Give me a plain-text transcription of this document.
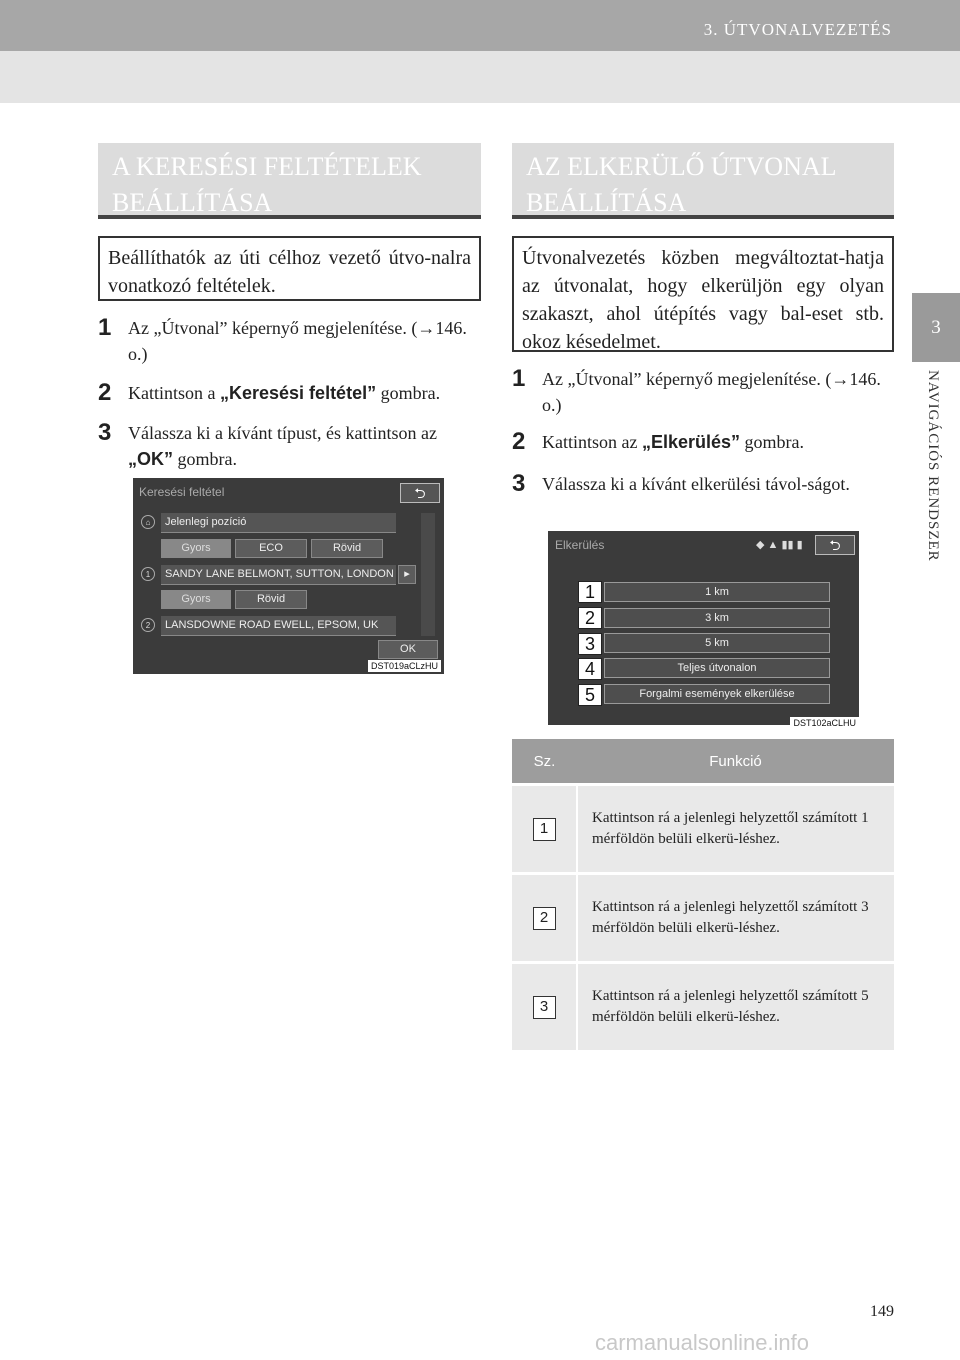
3. ÚTVONALVEZETÉS
3
NAVIGÁCIÓS RENDSZER
A KERESÉSI FELTÉTELEK
BEÁLLÍTÁSA
Beállíthatók az úti célhoz vezető útvo-nalra vonatkozó feltételek.
1 Az „Útvonal” képernyő megjelenítése. (→146. o.)
2 Kattintson a „Keresési feltétel” gombra.
3 Válassza ki a kívánt típust, és kattintson az „OK” gombra.
Keresési feltétel	⮌
⌂	Jelenlegi pozíció
Gyors	ECO	Rövid
1	SANDY LANE BELMONT, SUTTON, LONDON ▸
Gyors	Rövid
2	LANSDOWNE ROAD EWELL, EPSOM, UK
OK
DST019aCLzHU
AZ ELKERÜLŐ ÚTVONAL
BEÁLLÍTÁSA
Útvonalvezetés közben megváltoztat-hatja az útvonalat, hogy elkerüljön egy olyan szakaszt, ahol útépítés vagy bal-eset stb. okoz késedelmet.
1 Az „Útvonal” képernyő megjelenítése. (→146. o.)
2 Kattintson az „Elkerülés” gombra.
3 Válassza ki a kívánt elkerülési távol-ságot.
Elkerülés	◆ ▲ ▮▮ ▮	⮌
1	1 km
2	3 km
3	5 km
4	Teljes útvonalon
5	Forgalmi események elkerülése
DST102aCLHU
Sz.	Funkció
1	Kattintson rá a jelenlegi helyzettől számított 1 mérföldön belüli elkerü-léshez.
2	Kattintson rá a jelenlegi helyzettől számított 3 mérföldön belüli elkerü-léshez.
3	Kattintson rá a jelenlegi helyzettől számított 5 mérföldön belüli elkerü-léshez.
149
carmanualsonline.info
